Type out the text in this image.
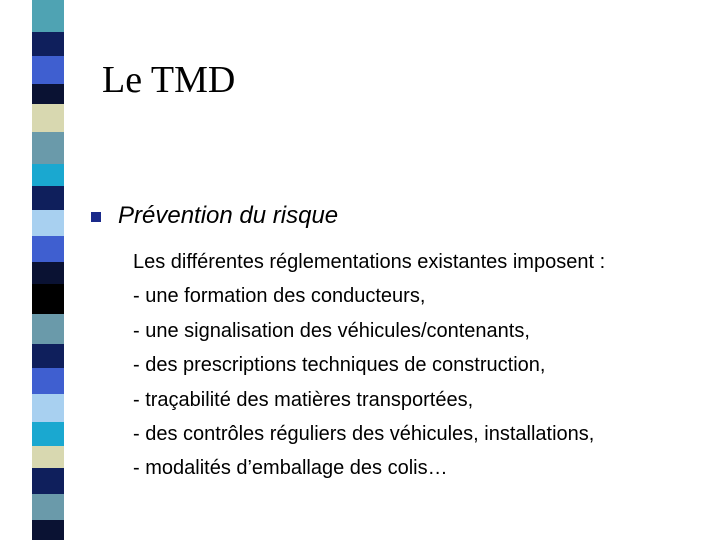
Le TMD
Prévention du risque
Les différentes réglementations existantes imposent :
- une formation des conducteurs,
- une signalisation des véhicules/contenants,
- des prescriptions techniques de construction,
- traçabilité des matières transportées,
- des contrôles réguliers des véhicules, installations,
- modalités d’emballage des colis…
